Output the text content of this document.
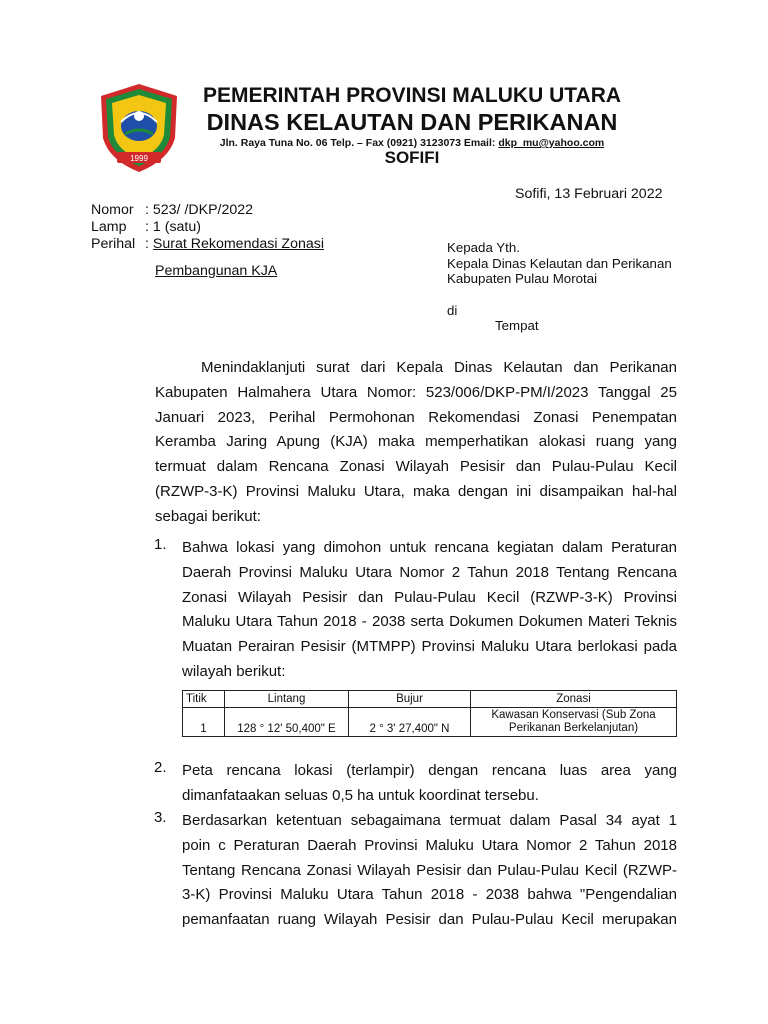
1999
PEMERINTAH PROVINSI MALUKU UTARA
DINAS KELAUTAN DAN PERIKANAN
Jln. Raya Tuna No. 06 Telp. – Fax (0921) 3123073 Email: dkp_mu@yahoo.com
SOFIFI
Sofifi, 13 Februari 2022
Nomor : 523/ /DKP/2022
Lamp : 1 (satu)
Perihal : Surat Rekomendasi Zonasi
Pembangunan KJA
Kepada Yth.
Kepala Dinas Kelautan dan Perikanan
Kabupaten Pulau Morotai
di
Tempat
Menindaklanjuti surat dari Kepala Dinas Kelautan dan Perikanan
Kabupaten Halmahera Utara Nomor: 523/006/DKP-PM/I/2023 Tanggal 25
Januari 2023, Perihal Permohonan Rekomendasi Zonasi Penempatan
Keramba Jaring Apung (KJA) maka memperhatikan alokasi ruang yang
termuat dalam Rencana Zonasi Wilayah Pesisir dan Pulau-Pulau Kecil
(RZWP-3-K) Provinsi Maluku Utara, maka dengan ini disampaikan hal-hal
sebagai berikut:
1. Bahwa lokasi yang dimohon untuk rencana kegiatan dalam Peraturan
Daerah Provinsi Maluku Utara Nomor 2 Tahun 2018 Tentang Rencana
Zonasi Wilayah Pesisir dan Pulau-Pulau Kecil (RZWP-3-K) Provinsi
Maluku Utara Tahun 2018 - 2038 serta Dokumen Dokumen Materi Teknis
Muatan Perairan Pesisir (MTMPP) Provinsi Maluku Utara berlokasi pada
wilayah berikut:
Titik	Lintang	Bujur	Zonasi
1	128 ° 12' 50,400" E	2 ° 3' 27,400" N	Kawasan Konservasi (Sub Zona
Perikanan Berkelanjutan)
2. Peta rencana lokasi (terlampir) dengan rencana luas area yang
dimanfataakan seluas 0,5 ha untuk koordinat tersebu.
3. Berdasarkan ketentuan sebagaimana termuat dalam Pasal 34 ayat 1
poin c Peraturan Daerah Provinsi Maluku Utara Nomor 2 Tahun 2018
Tentang Rencana Zonasi Wilayah Pesisir dan Pulau-Pulau Kecil (RZWP-
3-K) Provinsi Maluku Utara Tahun 2018 - 2038 bahwa "Pengendalian
pemanfaatan ruang Wilayah Pesisir dan Pulau-Pulau Kecil merupakan
